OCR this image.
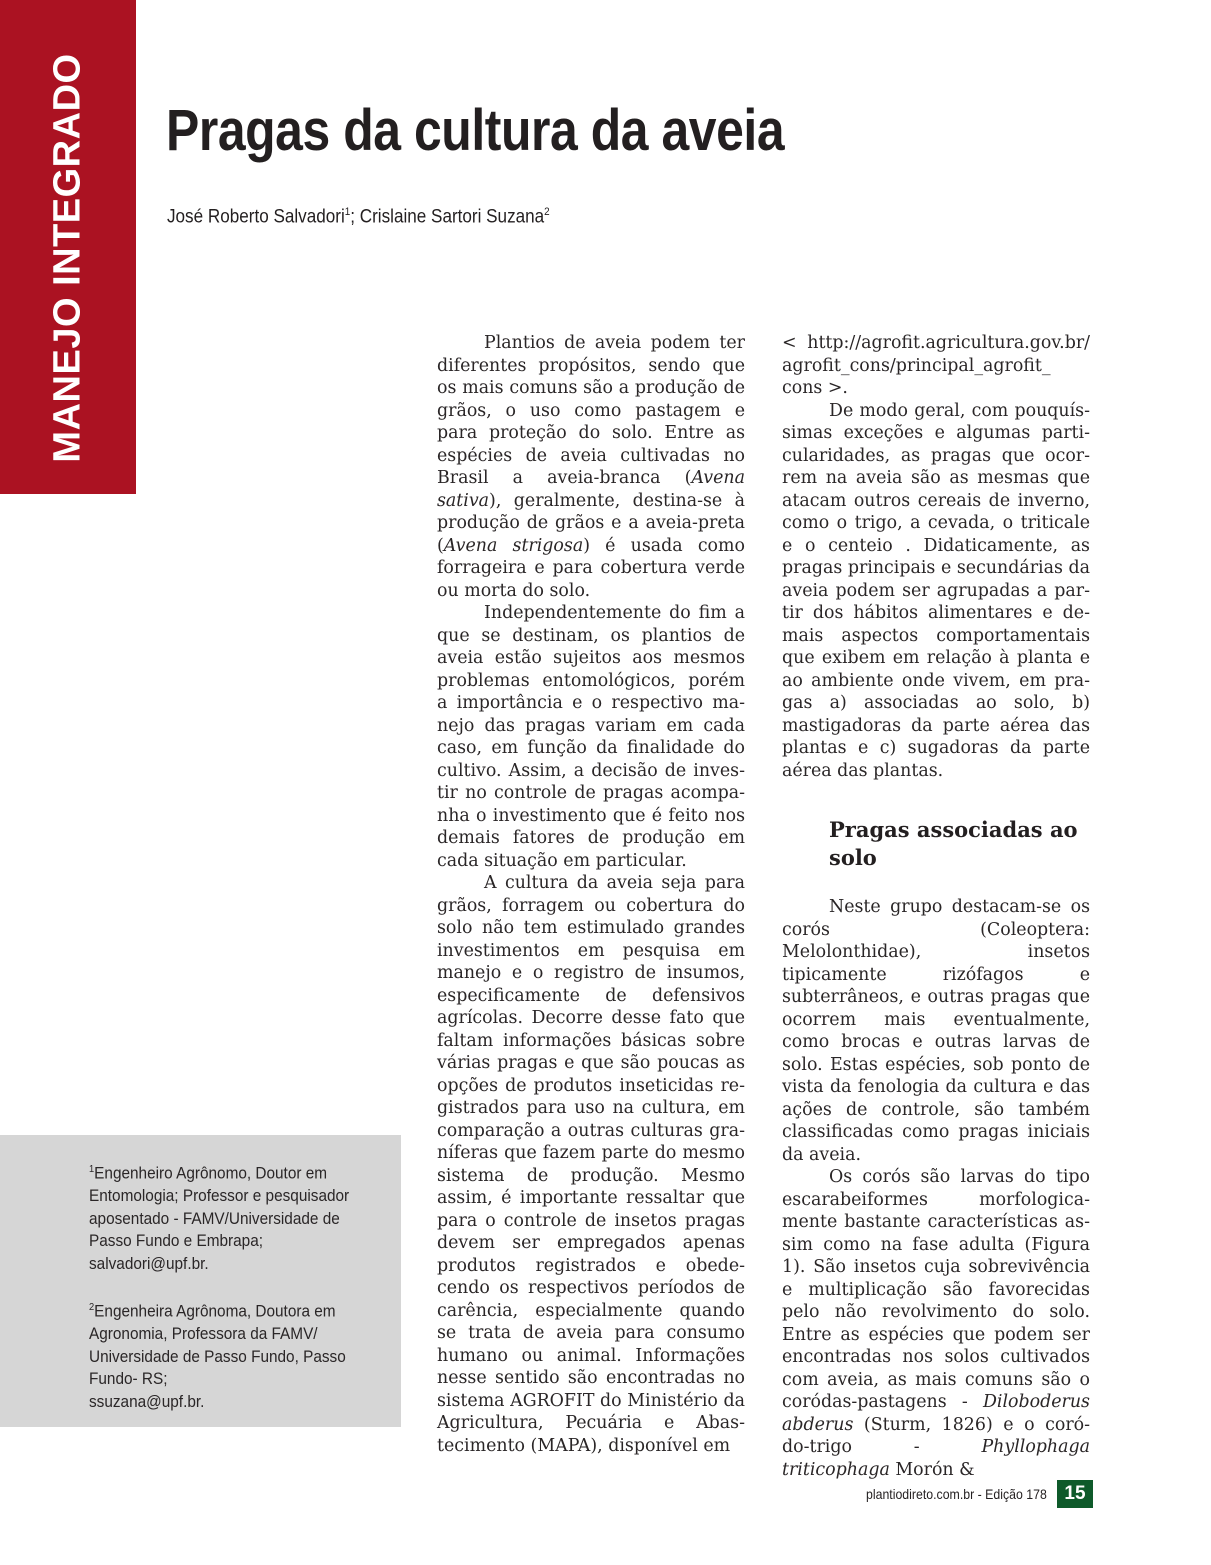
MANEJO INTEGRADO Pragas da cultura da aveia
José Roberto Salvadori$^1$; Crislaine Sartori Suzana$^2$

Plantios de aveia podem ter diferentes propósitos, sendo que os mais comuns são a produção de grãos, o uso como pastagem e para proteção do solo. Entre as espécies de aveia cultivadas no Brasil a aveia-branca (Avena sativa), geralmente, destina-se à produção de grãos e a aveia-preta (Avena strigosa) é usada como forrageira e para cobertura verde ou morta do solo.

Independentemente do fim a que se destinam, os plantios de aveia estão sujeitos aos mesmos problemas entomológicos, porém a importância e o respectivo manejo das pragas variam em cada caso, em função da finalidade do cultivo. Assim, a decisão de investir no controle de pragas acompanha o investimento que é feito nos demais fatores de produção em cada situação em particular.

A cultura da aveia seja para grãos, forragem ou cobertura do solo não tem estimulado grandes investimentos em pesquisa em manejo e o registro de insumos, especificamente de defensivos agrícolas. Decorre desse fato que faltam informações básicas sobre várias pragas e que são poucas as opções de produtos inseticidas registrados para uso na cultura, em comparação a outras culturas graníferas que fazem parte do mesmo sistema de produção. Mesmo assim, é importante ressaltar que para o controle de insetos pragas devem ser empregados apenas produtos registrados e obedecendo os respectivos períodos de carência, especialmente quando se trata de aveia para consumo humano ou animal. Informações nesse sentido são encontradas no sistema AGROFIT do Ministério da Agricultura, Pecuária e Abastecimento (MAPA), disponível em

< http://agrofit.agricultura.gov.br/ agrofit_cons/principal_agrofit_ cons >.

De modo geral, com pouquíssimas exceções e algumas particularidades, as pragas que ocorrem na aveia são as mesmas que atacam outros cereais de inverno, como o trigo, a cevada, o triticale e o centeio . Didaticamente, as pragas principais e secundárias da aveia podem ser agrupadas a partir dos hábitos alimentares e demais aspectos comportamentais que exibem em relação à planta e ao ambiente onde vivem, em pragas a) associadas ao solo, b) mastigadoras da parte aérea das plantas e c) sugadoras da parte aérea das plantas.

Pragas associadas ao solo

Neste grupo destacam-se os corós (Coleoptera: Melolonthidae), insetos tipicamente rizófagos e subterrâneos, e outras pragas que ocorrem mais eventualmente, como brocas e outras larvas de solo. Estas espécies, sob ponto de vista da fenologia da cultura e das ações de controle, são também classificadas como pragas iniciais da aveia.

Os corós são larvas do tipo escarabeiformes morfologicamente bastante características assim como na fase adulta (Figura 1). São insetos cuja sobrevivência e multiplicação são favorecidas pelo não revolvimento do solo. Entre as espécies que podem ser encontradas nos solos cultivados com aveia, as mais comuns são o coródas-pastagens - Diloboderus abderus (Sturm, 1826) e o coró-do-trigo - Phyllophaga triticophaga Morón &

$^1$Engenheiro Agrônomo, Doutor em
Entomologia; Professor e pesquisador
aposentado - FAMV/Universidade de
Passo Fundo e Embrapa;
salvadori@upf.br.

$^2$Engenheira Agrônoma, Doutora em
Agronomia, Professora da FAMV/
Universidade de Passo Fundo, Passo
Fundo- RS;
ssuzana@upf.br.

plantiodireto.com.br - Edição 178 15
